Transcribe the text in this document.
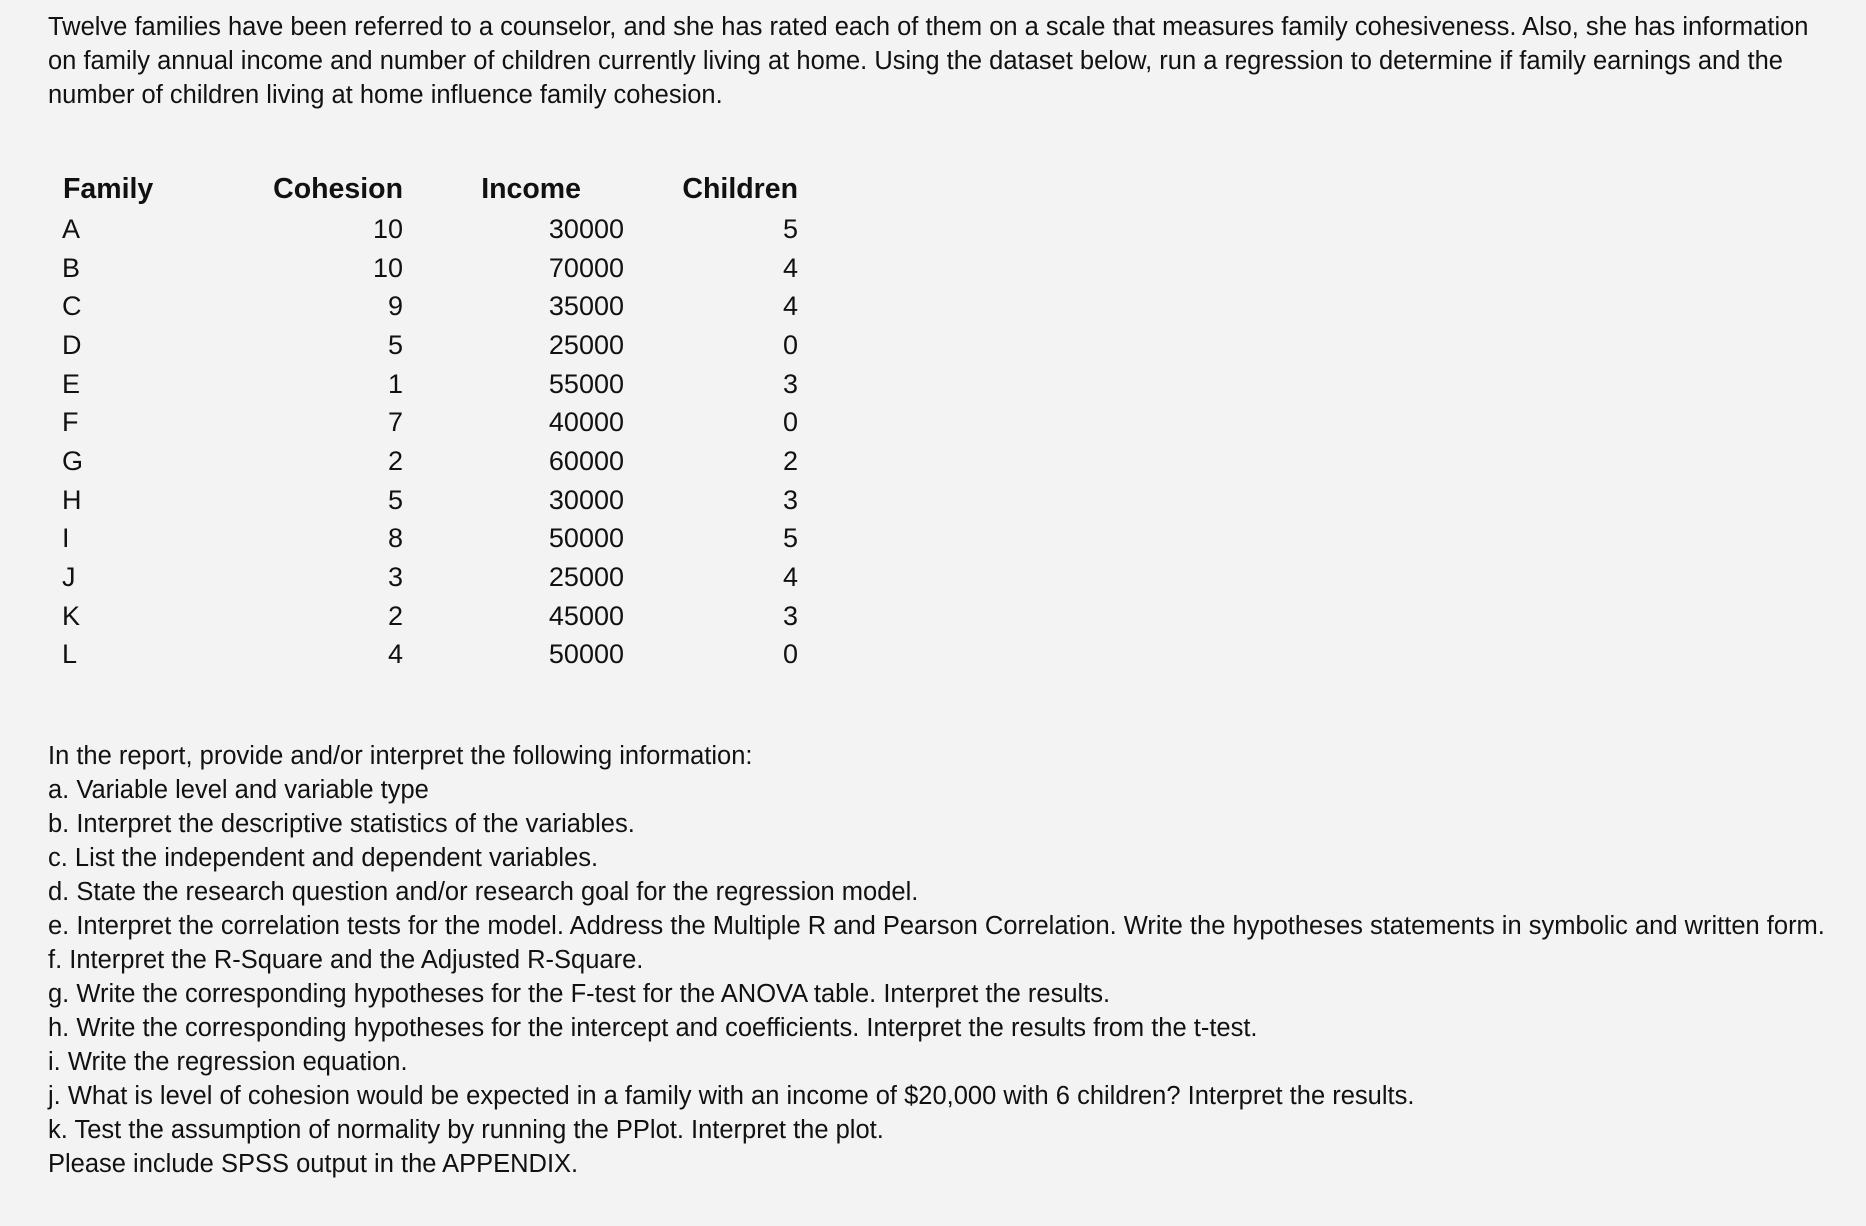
Twelve families have been referred to a counselor, and she has rated each of them on a scale that measures family cohesiveness. Also, she has information on family annual income and number of children currently living at home. Using the dataset below, run a regression to determine if family earnings and the number of children living at home influence family cohesion.

Family	Cohesion	Income	Children
A	10	30000	5
B	10	70000	4
C	9	35000	4
D	5	25000	0
E	1	55000	3
F	7	40000	0
G	2	60000	2
H	5	30000	3
I	8	50000	5
J	3	25000	4
K	2	45000	3
L	4	50000	0
In the report, provide and/or interpret the following information:
a. Variable level and variable type
b. Interpret the descriptive statistics of the variables.
c. List the independent and dependent variables.
d. State the research question and/or research goal for the regression model.
e. Interpret the correlation tests for the model. Address the Multiple R and Pearson Correlation. Write the hypotheses statements in symbolic and written form.
f. Interpret the R-Square and the Adjusted R-Square.
g. Write the corresponding hypotheses for the F-test for the ANOVA table. Interpret the results.
h. Write the corresponding hypotheses for the intercept and coefficients. Interpret the results from the t-test.
i. Write the regression equation.
j. What is level of cohesion would be expected in a family with an income of $20,000 with 6 children? Interpret the results.
k. Test the assumption of normality by running the PPlot. Interpret the plot.
Please include SPSS output in the APPENDIX.
